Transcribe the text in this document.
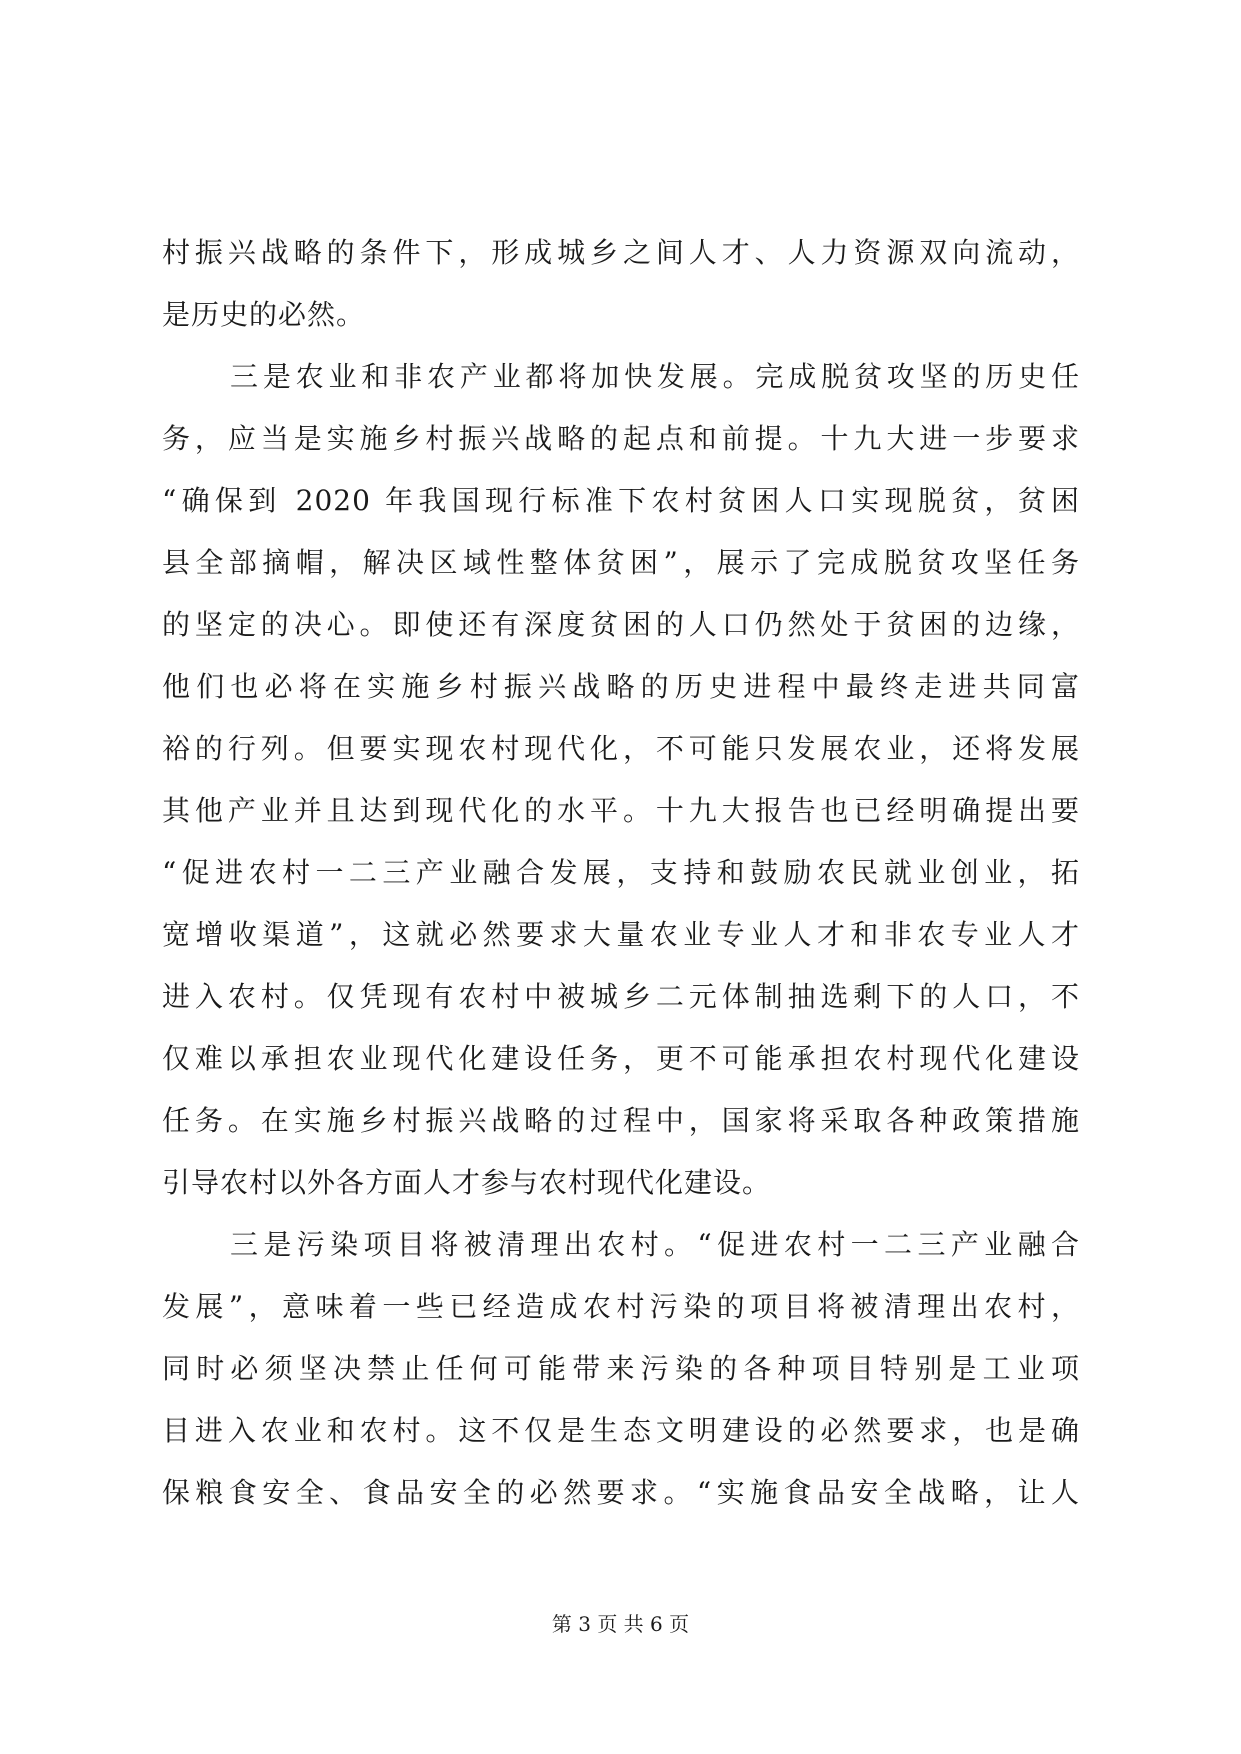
村振兴战略的条件下，形成城乡之间人才、人力资源双向流动，
是历史的必然。
三是农业和非农产业都将加快发展。完成脱贫攻坚的历史任
务，应当是实施乡村振兴战略的起点和前提。十九大进一步要求
“确保到 2020 年我国现行标准下农村贫困人口实现脱贫，贫困
县全部摘帽，解决区域性整体贫困”，展示了完成脱贫攻坚任务
的坚定的决心。即使还有深度贫困的人口仍然处于贫困的边缘，
他们也必将在实施乡村振兴战略的历史进程中最终走进共同富
裕的行列。但要实现农村现代化，不可能只发展农业，还将发展
其他产业并且达到现代化的水平。十九大报告也已经明确提出要
“促进农村一二三产业融合发展，支持和鼓励农民就业创业，拓
宽增收渠道”，这就必然要求大量农业专业人才和非农专业人才
进入农村。仅凭现有农村中被城乡二元体制抽选剩下的人口，不
仅难以承担农业现代化建设任务，更不可能承担农村现代化建设
任务。在实施乡村振兴战略的过程中，国家将采取各种政策措施
引导农村以外各方面人才参与农村现代化建设。
三是污染项目将被清理出农村。“促进农村一二三产业融合
发展”，意味着一些已经造成农村污染的项目将被清理出农村，
同时必须坚决禁止任何可能带来污染的各种项目特别是工业项
目进入农业和农村。这不仅是生态文明建设的必然要求，也是确
保粮食安全、食品安全的必然要求。“实施食品安全战略，让人
第 3 页 共 6 页
